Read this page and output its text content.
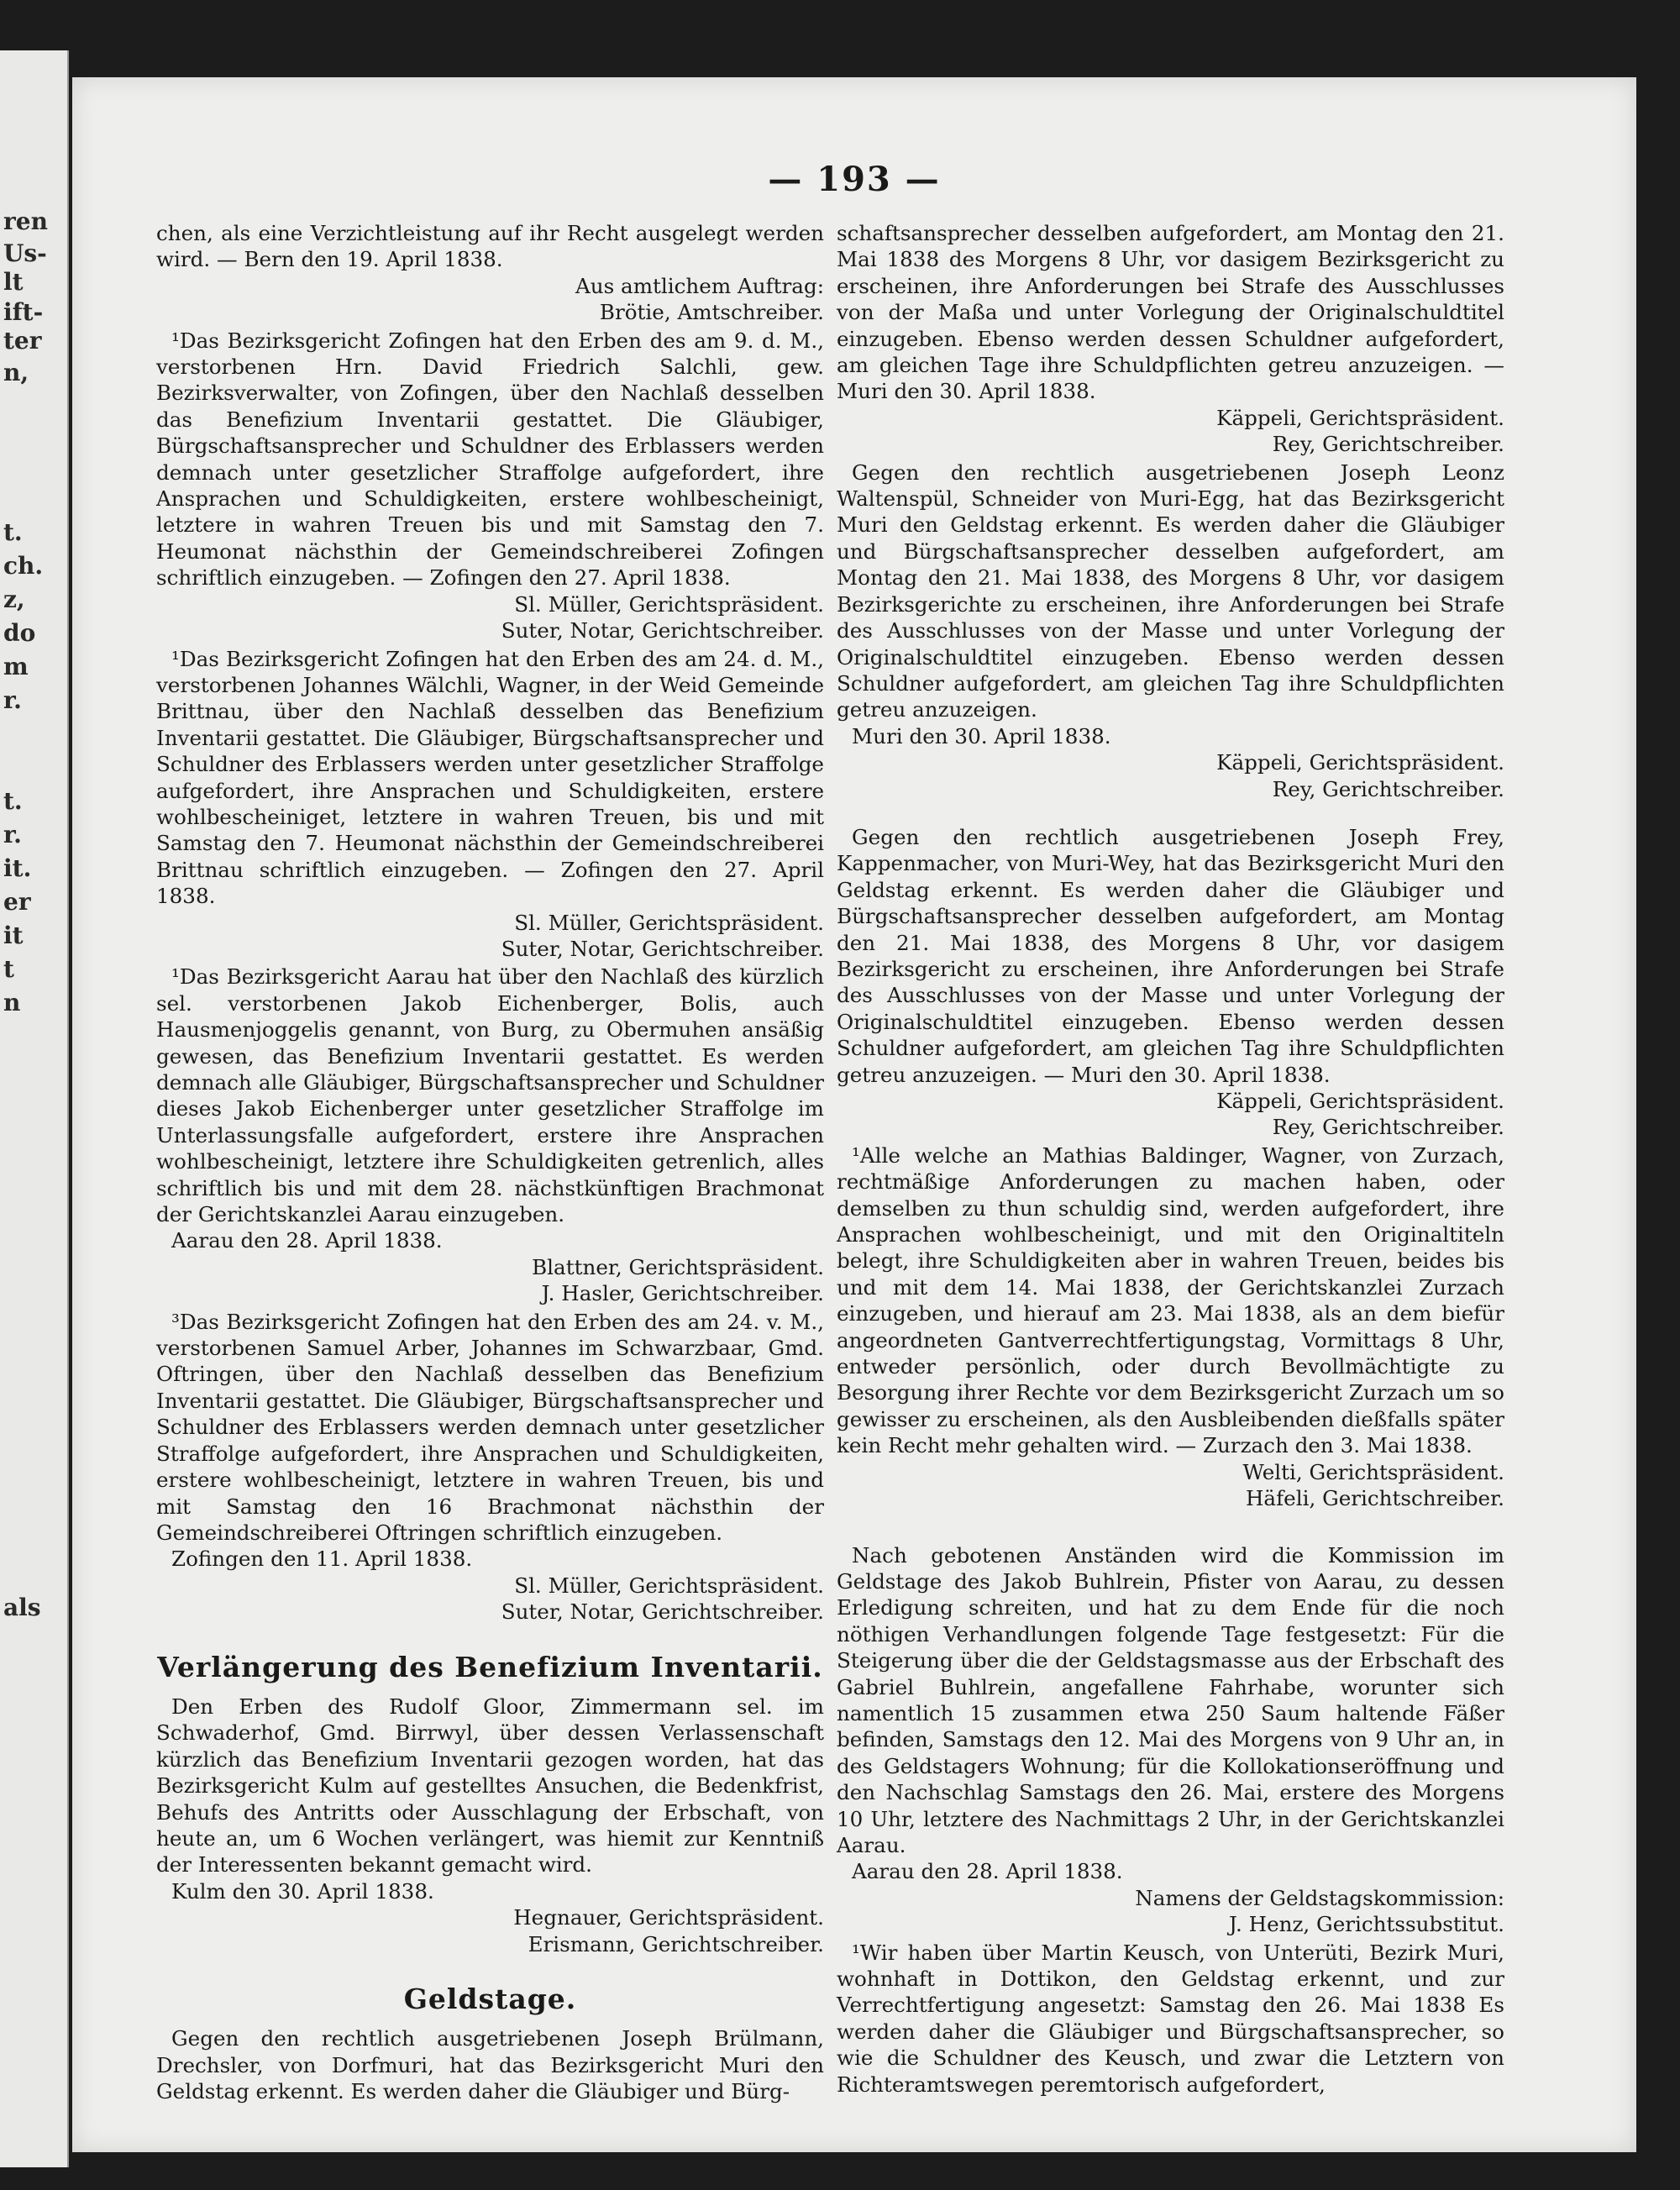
ren
Us-
lt
ift-
ter
n,
t.
ch.
z,
do
m
r.
t.
r.
it.
er
it
t
n
als
— 193 —

chen, als eine Verzichtleistung auf ihr Recht ausgelegt werden wird. — Bern den 19. April 1838.

Aus amtlichem Auftrag:

Brötie, Amtschreiber.

¹Das Bezirksgericht Zofingen hat den Erben des am 9. d. M., verstorbenen Hrn. David Friedrich Salchli, gew. Bezirksverwalter, von Zofingen, über den Nachlaß desselben das Benefizium Inventarii gestattet. Die Gläubiger, Bürgschaftsansprecher und Schuldner des Erblassers werden demnach unter gesetzlicher Straffolge aufgefordert, ihre Ansprachen und Schuldigkeiten, erstere wohlbescheinigt, letztere in wahren Treuen bis und mit Samstag den 7. Heumonat nächsthin der Gemeindschreiberei Zofingen schriftlich einzugeben. — Zofingen den 27. April 1838.

Sl. Müller, Gerichtspräsident.

Suter, Notar, Gerichtschreiber.

¹Das Bezirksgericht Zofingen hat den Erben des am 24. d. M., verstorbenen Johannes Wälchli, Wagner, in der Weid Gemeinde Brittnau, über den Nachlaß desselben das Benefizium Inventarii gestattet. Die Gläubiger, Bürgschaftsansprecher und Schuldner des Erblassers werden unter gesetzlicher Straffolge aufgefordert, ihre Ansprachen und Schuldigkeiten, erstere wohlbescheiniget, letztere in wahren Treuen, bis und mit Samstag den 7. Heumonat nächsthin der Gemeindschreiberei Brittnau schriftlich einzugeben. — Zofingen den 27. April 1838.

Sl. Müller, Gerichtspräsident.

Suter, Notar, Gerichtschreiber.

¹Das Bezirksgericht Aarau hat über den Nachlaß des kürzlich sel. verstorbenen Jakob Eichenberger, Bolis, auch Hausmenjoggelis genannt, von Burg, zu Obermuhen ansäßig gewesen, das Benefizium Inventarii gestattet. Es werden demnach alle Gläubiger, Bürgschaftsansprecher und Schuldner dieses Jakob Eichenberger unter gesetzlicher Straffolge im Unterlassungsfalle aufgefordert, erstere ihre Ansprachen wohlbescheinigt, letztere ihre Schuldigkeiten getrenlich, alles schriftlich bis und mit dem 28. nächstkünftigen Brachmonat der Gerichtskanzlei Aarau einzugeben.

Aarau den 28. April 1838.

Blattner, Gerichtspräsident.

J. Hasler, Gerichtschreiber.

³Das Bezirksgericht Zofingen hat den Erben des am 24. v. M., verstorbenen Samuel Arber, Johannes im Schwarzbaar, Gmd. Oftringen, über den Nachlaß desselben das Benefizium Inventarii gestattet. Die Gläubiger, Bürgschaftsansprecher und Schuldner des Erblassers werden demnach unter gesetzlicher Straffolge aufgefordert, ihre Ansprachen und Schuldigkeiten, erstere wohlbescheinigt, letztere in wahren Treuen, bis und mit Samstag den 16 Brachmonat nächsthin der Gemeindschreiberei Oftringen schriftlich einzugeben.

Zofingen den 11. April 1838.

Sl. Müller, Gerichtspräsident.

Suter, Notar, Gerichtschreiber.

Verlängerung des Benefizium Inventarii.

Den Erben des Rudolf Gloor, Zimmermann sel. im Schwaderhof, Gmd. Birrwyl, über dessen Verlassenschaft kürzlich das Benefizium Inventarii gezogen worden, hat das Bezirksgericht Kulm auf gestelltes Ansuchen, die Bedenkfrist, Behufs des Antritts oder Ausschlagung der Erbschaft, von heute an, um 6 Wochen verlängert, was hiemit zur Kenntniß der Interessenten bekannt gemacht wird.

Kulm den 30. April 1838.

Hegnauer, Gerichtspräsident.

Erismann, Gerichtschreiber.

Geldstage.

Gegen den rechtlich ausgetriebenen Joseph Brülmann, Drechsler, von Dorfmuri, hat das Bezirksgericht Muri den Geldstag erkennt. Es werden daher die Gläubiger und Bürg-

schaftsansprecher desselben aufgefordert, am Montag den 21. Mai 1838 des Morgens 8 Uhr, vor dasigem Bezirksgericht zu erscheinen, ihre Anforderungen bei Strafe des Ausschlusses von der Maßa und unter Vorlegung der Originalschuldtitel einzugeben. Ebenso werden dessen Schuldner aufgefordert, am gleichen Tage ihre Schuldpflichten getreu anzuzeigen. — Muri den 30. April 1838.

Käppeli, Gerichtspräsident.

Rey, Gerichtschreiber.

Gegen den rechtlich ausgetriebenen Joseph Leonz Waltenspül, Schneider von Muri-Egg, hat das Bezirksgericht Muri den Geldstag erkennt. Es werden daher die Gläubiger und Bürgschaftsansprecher desselben aufgefordert, am Montag den 21. Mai 1838, des Morgens 8 Uhr, vor dasigem Bezirksgerichte zu erscheinen, ihre Anforderungen bei Strafe des Ausschlusses von der Masse und unter Vorlegung der Originalschuldtitel einzugeben. Ebenso werden dessen Schuldner aufgefordert, am gleichen Tag ihre Schuldpflichten getreu anzuzeigen.

Muri den 30. April 1838.

Käppeli, Gerichtspräsident.

Rey, Gerichtschreiber.

Gegen den rechtlich ausgetriebenen Joseph Frey, Kappenmacher, von Muri-Wey, hat das Bezirksgericht Muri den Geldstag erkennt. Es werden daher die Gläubiger und Bürgschaftsansprecher desselben aufgefordert, am Montag den 21. Mai 1838, des Morgens 8 Uhr, vor dasigem Bezirksgericht zu erscheinen, ihre Anforderungen bei Strafe des Ausschlusses von der Masse und unter Vorlegung der Originalschuldtitel einzugeben. Ebenso werden dessen Schuldner aufgefordert, am gleichen Tag ihre Schuldpflichten getreu anzuzeigen. — Muri den 30. April 1838.

Käppeli, Gerichtspräsident.

Rey, Gerichtschreiber.

¹Alle welche an Mathias Baldinger, Wagner, von Zurzach, rechtmäßige Anforderungen zu machen haben, oder demselben zu thun schuldig sind, werden aufgefordert, ihre Ansprachen wohlbescheinigt, und mit den Originaltiteln belegt, ihre Schuldigkeiten aber in wahren Treuen, beides bis und mit dem 14. Mai 1838, der Gerichtskanzlei Zurzach einzugeben, und hierauf am 23. Mai 1838, als an dem biefür angeordneten Gantverrechtfertigungstag, Vormittags 8 Uhr, entweder persönlich, oder durch Bevollmächtigte zu Besorgung ihrer Rechte vor dem Bezirksgericht Zurzach um so gewisser zu erscheinen, als den Ausbleibenden dießfalls später kein Recht mehr gehalten wird. — Zurzach den 3. Mai 1838.

Welti, Gerichtspräsident.

Häfeli, Gerichtschreiber.

Nach gebotenen Anständen wird die Kommission im Geldstage des Jakob Buhlrein, Pfister von Aarau, zu dessen Erledigung schreiten, und hat zu dem Ende für die noch nöthigen Verhandlungen folgende Tage festgesetzt: Für die Steigerung über die der Geldstagsmasse aus der Erbschaft des Gabriel Buhlrein, angefallene Fahrhabe, worunter sich namentlich 15 zusammen etwa 250 Saum haltende Fäßer befinden, Samstags den 12. Mai des Morgens von 9 Uhr an, in des Geldstagers Wohnung; für die Kollokationseröffnung und den Nachschlag Samstags den 26. Mai, erstere des Morgens 10 Uhr, letztere des Nachmittags 2 Uhr, in der Gerichtskanzlei Aarau.

Aarau den 28. April 1838.

Namens der Geldstagskommission:

J. Henz, Gerichtssubstitut.

¹Wir haben über Martin Keusch, von Unterüti, Bezirk Muri, wohnhaft in Dottikon, den Geldstag erkennt, und zur Verrechtfertigung angesetzt: Samstag den 26. Mai 1838 Es werden daher die Gläubiger und Bürgschaftsansprecher, so wie die Schuldner des Keusch, und zwar die Letztern von Richteramtswegen peremtorisch aufgefordert,
